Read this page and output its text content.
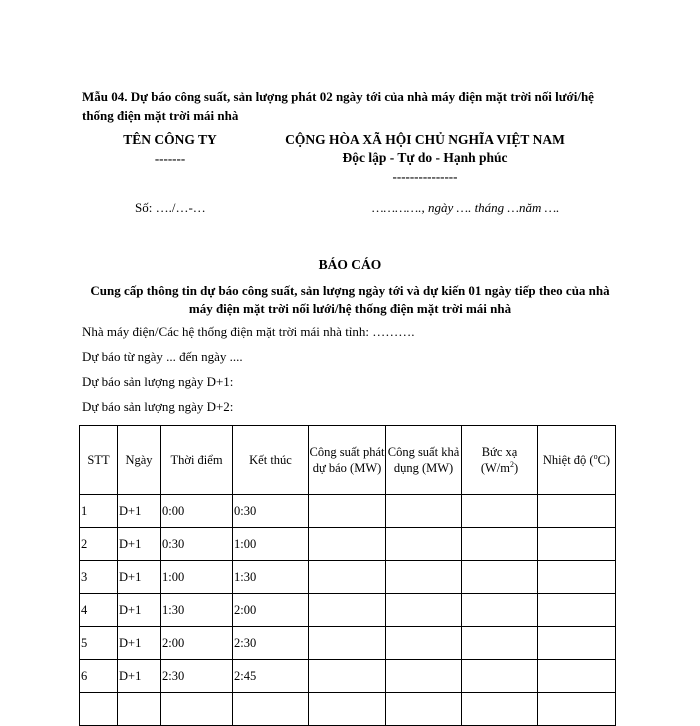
Mẫu 04. Dự báo công suất, sản lượng phát 02 ngày tới của nhà máy điện mặt trời nối lưới/hệ thống điện mặt trời mái nhà
TÊN CÔNG TY
-------
CỘNG HÒA XÃ HỘI CHỦ NGHĨA VIỆT NAM
Độc lập - Tự do - Hạnh phúc
---------------
Số: …./…-…	…………., ngày …. tháng …năm ….
BÁO CÁO
Cung cấp thông tin dự báo công suất, sản lượng ngày tới và dự kiến 01 ngày tiếp theo của nhà máy điện mặt trời nối lưới/hệ thống điện mặt trời mái nhà
Nhà máy điện/Các hệ thống điện mặt trời mái nhà tỉnh: ……….
Dự báo từ ngày ... đến ngày ....
Dự báo sản lượng ngày D+1:
Dự báo sản lượng ngày D+2:
STT	Ngày	Thời điểm	Kết thúc	Công suất phát dự báo (MW)	Công suất khả dụng (MW)	Bức xạ $(W/m^2)$	Nhiệt độ ($^o$C)
1	D+1	0:00	0:30				
2	D+1	0:30	1:00				
3	D+1	1:00	1:30				
4	D+1	1:30	2:00				
5	D+1	2:00	2:30				
6	D+1	2:30	2:45				
